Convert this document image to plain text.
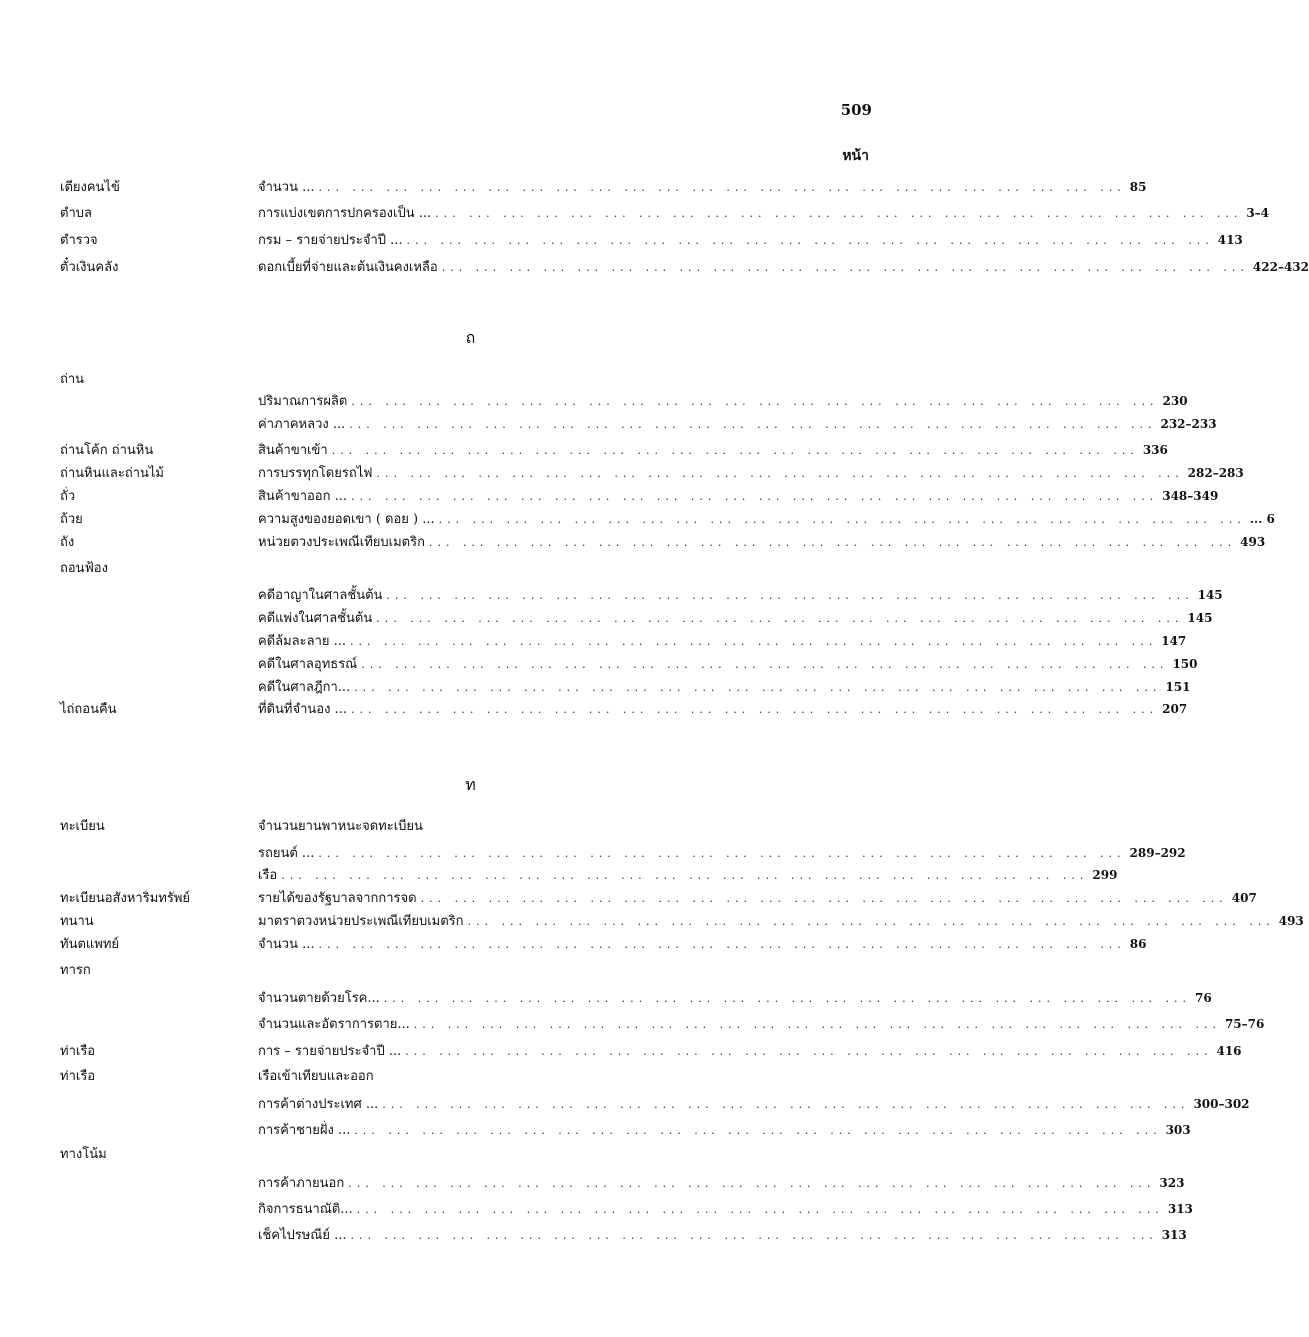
509
หน้า
เตียงคนไข้	จำนวน ... ... ... ... ... ... ... ... ... ... ... ... ... ... ... ... ... ... ... ... ... ... ... ... ... 85
ตำบล	การแบ่งเขตการปกครองเป็น ... ... ... ... ... ... ... ... ... ... ... ... ... ... ... ... ... ... ... ... ... ... ... ... ... 3–4
ตำรวจ	กรม – รายจ่ายประจำปี ... ... ... ... ... ... ... ... ... ... ... ... ... ... ... ... ... ... ... ... ... ... ... ... ... 413
ตั๋วเงินคลัง	ดอกเบี้ยที่จ่ายและต้นเงินคงเหลือ ... ... ... ... ... ... ... ... ... ... ... ... ... ... ... ... ... ... ... ... ... ... ... ... 422–432
ถ
ถ่าน
ปริมาณการผลิต ... ... ... ... ... ... ... ... ... ... ... ... ... ... ... ... ... ... ... ... ... ... ... ... 230
ค่าภาคหลวง ... ... ... ... ... ... ... ... ... ... ... ... ... ... ... ... ... ... ... ... ... ... ... ... ... 232–233
ถ่านโค้ก ถ่านหิน	สินค้าขาเข้า ... ... ... ... ... ... ... ... ... ... ... ... ... ... ... ... ... ... ... ... ... ... ... ... 336
ถ่านหินและถ่านไม้	การบรรทุกโดยรถไฟ ... ... ... ... ... ... ... ... ... ... ... ... ... ... ... ... ... ... ... ... ... ... ... ... 282–283
ถั่ว	สินค้าขาออก ... ... ... ... ... ... ... ... ... ... ... ... ... ... ... ... ... ... ... ... ... ... ... ... ... 348–349
ถ้วย	ความสูงของยอดเขา ( ดอย ) ... ... ... ... ... ... ... ... ... ... ... ... ... ... ... ... ... ... ... ... ... ... ... ... ... ... 6
ถัง	หน่วยตวงประเพณีเทียบเมตริก ... ... ... ... ... ... ... ... ... ... ... ... ... ... ... ... ... ... ... ... ... ... ... ... 493
ถอนฟ้อง
คดีอาญาในศาลชั้นต้น ... ... ... ... ... ... ... ... ... ... ... ... ... ... ... ... ... ... ... ... ... ... ... ... 145
คดีแพ่งในศาลชั้นต้น ... ... ... ... ... ... ... ... ... ... ... ... ... ... ... ... ... ... ... ... ... ... ... ... 145
คดีล้มละลาย ... ... ... ... ... ... ... ... ... ... ... ... ... ... ... ... ... ... ... ... ... ... ... ... ... 147
คดีในศาลอุทธรณ์ ... ... ... ... ... ... ... ... ... ... ... ... ... ... ... ... ... ... ... ... ... ... ... ... 150
คดีในศาลฎีกา... ... ... ... ... ... ... ... ... ... ... ... ... ... ... ... ... ... ... ... ... ... ... ... ... 151
ไถ่ถอนคืน	ที่ดินที่จำนอง ... ... ... ... ... ... ... ... ... ... ... ... ... ... ... ... ... ... ... ... ... ... ... ... ... 207
ท
ทะเบียน	จำนวนยานพาหนะจดทะเบียน
รถยนต์ ... ... ... ... ... ... ... ... ... ... ... ... ... ... ... ... ... ... ... ... ... ... ... ... ... 289–292
เรือ ... ... ... ... ... ... ... ... ... ... ... ... ... ... ... ... ... ... ... ... ... ... ... ... 299
ทะเบียนอสังหาริมทรัพย์	รายได้ของรัฐบาลจากการจด ... ... ... ... ... ... ... ... ... ... ... ... ... ... ... ... ... ... ... ... ... ... ... ... 407
ทนาน	มาตราตวงหน่วยประเพณีเทียบเมตริก ... ... ... ... ... ... ... ... ... ... ... ... ... ... ... ... ... ... ... ... ... ... ... ... 493
ทันตแพทย์	จำนวน ... ... ... ... ... ... ... ... ... ... ... ... ... ... ... ... ... ... ... ... ... ... ... ... ... 86
ทารก
จำนวนตายด้วยโรค... ... ... ... ... ... ... ... ... ... ... ... ... ... ... ... ... ... ... ... ... ... ... ... ... 76
จำนวนและอัตราการตาย... ... ... ... ... ... ... ... ... ... ... ... ... ... ... ... ... ... ... ... ... ... ... ... ... 75–76
ท่าเรือ	การ – รายจ่ายประจำปี ... ... ... ... ... ... ... ... ... ... ... ... ... ... ... ... ... ... ... ... ... ... ... ... ... 416
ท่าเรือ	เรือเข้าเทียบและออก
การค้าต่างประเทศ ... ... ... ... ... ... ... ... ... ... ... ... ... ... ... ... ... ... ... ... ... ... ... ... ... 300–302
การค้าชายฝั่ง ... ... ... ... ... ... ... ... ... ... ... ... ... ... ... ... ... ... ... ... ... ... ... ... ... 303
ทางโน้ม
การค้าภายนอก ... ... ... ... ... ... ... ... ... ... ... ... ... ... ... ... ... ... ... ... ... ... ... ... 323
กิจการธนาณัติ... ... ... ... ... ... ... ... ... ... ... ... ... ... ... ... ... ... ... ... ... ... ... ... ... 313
เช็คไปรษณีย์ ... ... ... ... ... ... ... ... ... ... ... ... ... ... ... ... ... ... ... ... ... ... ... ... ... 313
